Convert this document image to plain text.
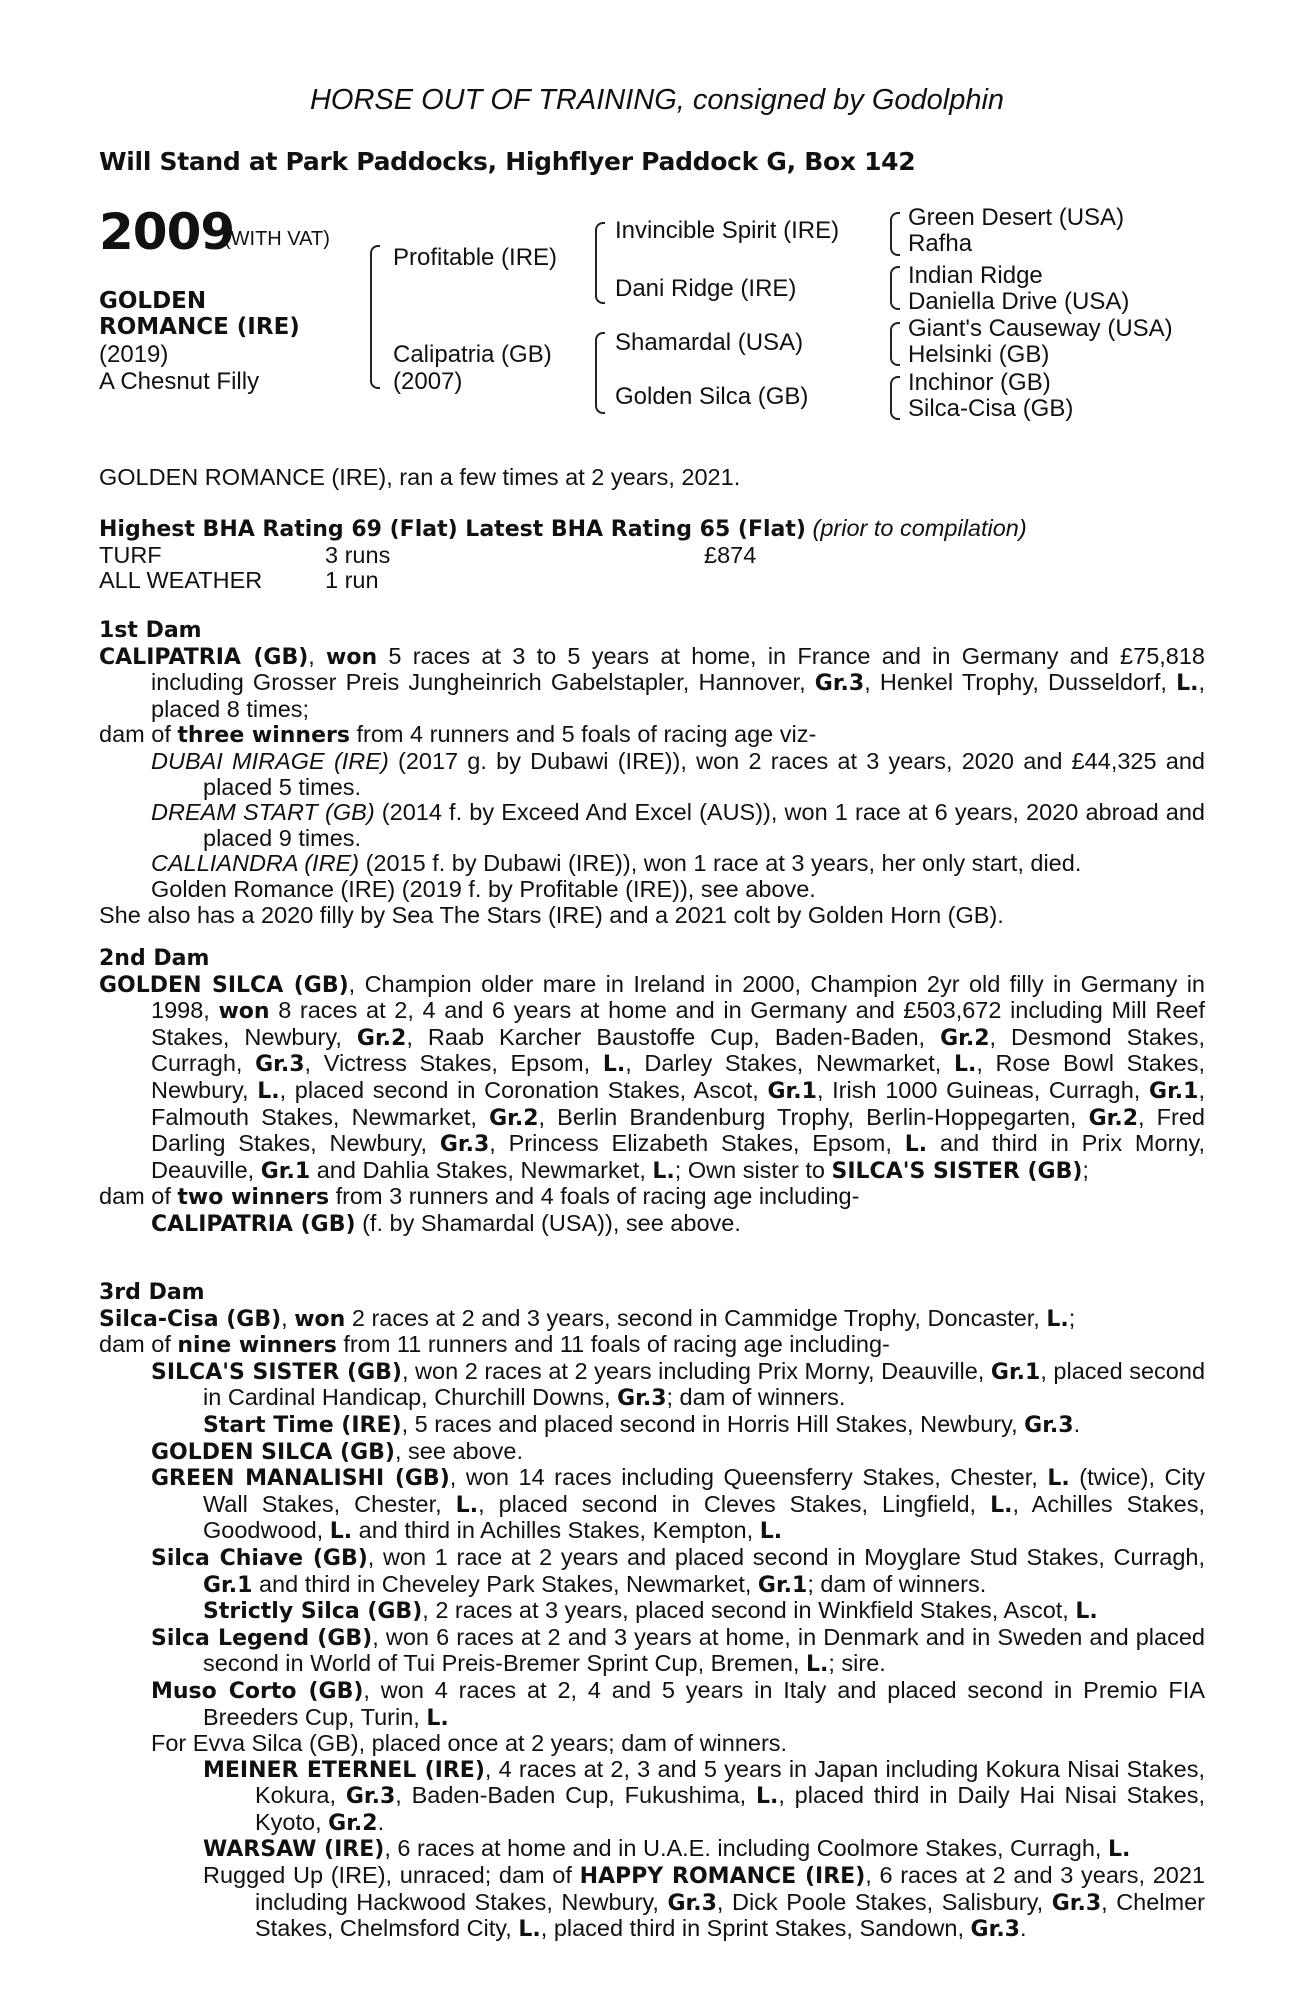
HORSE OUT OF TRAINING, consigned by Godolphin
Will Stand at Park Paddocks, Highflyer Paddock G, Box 142
2009
(WITH VAT)
GOLDEN
ROMANCE (IRE)
(2019)
A Chesnut Filly
Profitable (IRE)
Calipatria (GB)
(2007)
Invincible Spirit (IRE)
Dani Ridge (IRE)
Shamardal (USA)
Golden Silca (GB)
Green Desert (USA)
Rafha
Indian Ridge
Daniella Drive (USA)
Giant's Causeway (USA)
Helsinki (GB)
Inchinor (GB)
Silca-Cisa (GB)
GOLDEN ROMANCE (IRE), ran a few times at 2 years, 2021.
Highest BHA Rating 69 (Flat) Latest BHA Rating 65 (Flat) (prior to compilation)
TURF	3 runs	£874
ALL WEATHER	1 run
1st Dam
CALIPATRIA (GB), won 5 races at 3 to 5 years at home, in France and in Germany and £75,818 including Grosser Preis Jungheinrich Gabelstapler, Hannover, Gr.3, Henkel Trophy, Dusseldorf, L., placed 8 times;
dam of three winners from 4 runners and 5 foals of racing age viz-
DUBAI MIRAGE (IRE) (2017 g. by Dubawi (IRE)), won 2 races at 3 years, 2020 and £44,325 and placed 5 times.
DREAM START (GB) (2014 f. by Exceed And Excel (AUS)), won 1 race at 6 years, 2020 abroad and placed 9 times.
CALLIANDRA (IRE) (2015 f. by Dubawi (IRE)), won 1 race at 3 years, her only start, died.
Golden Romance (IRE) (2019 f. by Profitable (IRE)), see above.
She also has a 2020 filly by Sea The Stars (IRE) and a 2021 colt by Golden Horn (GB).
2nd Dam
GOLDEN SILCA (GB), Champion older mare in Ireland in 2000, Champion 2yr old filly in Germany in 1998, won 8 races at 2, 4 and 6 years at home and in Germany and £503,672 including Mill Reef Stakes, Newbury, Gr.2, Raab Karcher Baustoffe Cup, Baden-Baden, Gr.2, Desmond Stakes, Curragh, Gr.3, Victress Stakes, Epsom, L., Darley Stakes, Newmarket, L., Rose Bowl Stakes, Newbury, L., placed second in Coronation Stakes, Ascot, Gr.1, Irish 1000 Guineas, Curragh, Gr.1, Falmouth Stakes, Newmarket, Gr.2, Berlin Brandenburg Trophy, Berlin-Hoppegarten, Gr.2, Fred Darling Stakes, Newbury, Gr.3, Princess Elizabeth Stakes, Epsom, L. and third in Prix Morny, Deauville, Gr.1 and Dahlia Stakes, Newmarket, L.; Own sister to SILCA'S SISTER (GB);
dam of two winners from 3 runners and 4 foals of racing age including-
CALIPATRIA (GB) (f. by Shamardal (USA)), see above.
3rd Dam
Silca-Cisa (GB), won 2 races at 2 and 3 years, second in Cammidge Trophy, Doncaster, L.;
dam of nine winners from 11 runners and 11 foals of racing age including-
SILCA'S SISTER (GB), won 2 races at 2 years including Prix Morny, Deauville, Gr.1, placed second in Cardinal Handicap, Churchill Downs, Gr.3; dam of winners.
Start Time (IRE), 5 races and placed second in Horris Hill Stakes, Newbury, Gr.3.
GOLDEN SILCA (GB), see above.
GREEN MANALISHI (GB), won 14 races including Queensferry Stakes, Chester, L. (twice), City Wall Stakes, Chester, L., placed second in Cleves Stakes, Lingfield, L., Achilles Stakes, Goodwood, L. and third in Achilles Stakes, Kempton, L.
Silca Chiave (GB), won 1 race at 2 years and placed second in Moyglare Stud Stakes, Curragh, Gr.1 and third in Cheveley Park Stakes, Newmarket, Gr.1; dam of winners.
Strictly Silca (GB), 2 races at 3 years, placed second in Winkfield Stakes, Ascot, L.
Silca Legend (GB), won 6 races at 2 and 3 years at home, in Denmark and in Sweden and placed second in World of Tui Preis-Bremer Sprint Cup, Bremen, L.; sire.
Muso Corto (GB), won 4 races at 2, 4 and 5 years in Italy and placed second in Premio FIA Breeders Cup, Turin, L.
For Evva Silca (GB), placed once at 2 years; dam of winners.
MEINER ETERNEL (IRE), 4 races at 2, 3 and 5 years in Japan including Kokura Nisai Stakes, Kokura, Gr.3, Baden-Baden Cup, Fukushima, L., placed third in Daily Hai Nisai Stakes, Kyoto, Gr.2.
WARSAW (IRE), 6 races at home and in U.A.E. including Coolmore Stakes, Curragh, L.
Rugged Up (IRE), unraced; dam of HAPPY ROMANCE (IRE), 6 races at 2 and 3 years, 2021 including Hackwood Stakes, Newbury, Gr.3, Dick Poole Stakes, Salisbury, Gr.3, Chelmer Stakes, Chelmsford City, L., placed third in Sprint Stakes, Sandown, Gr.3.
